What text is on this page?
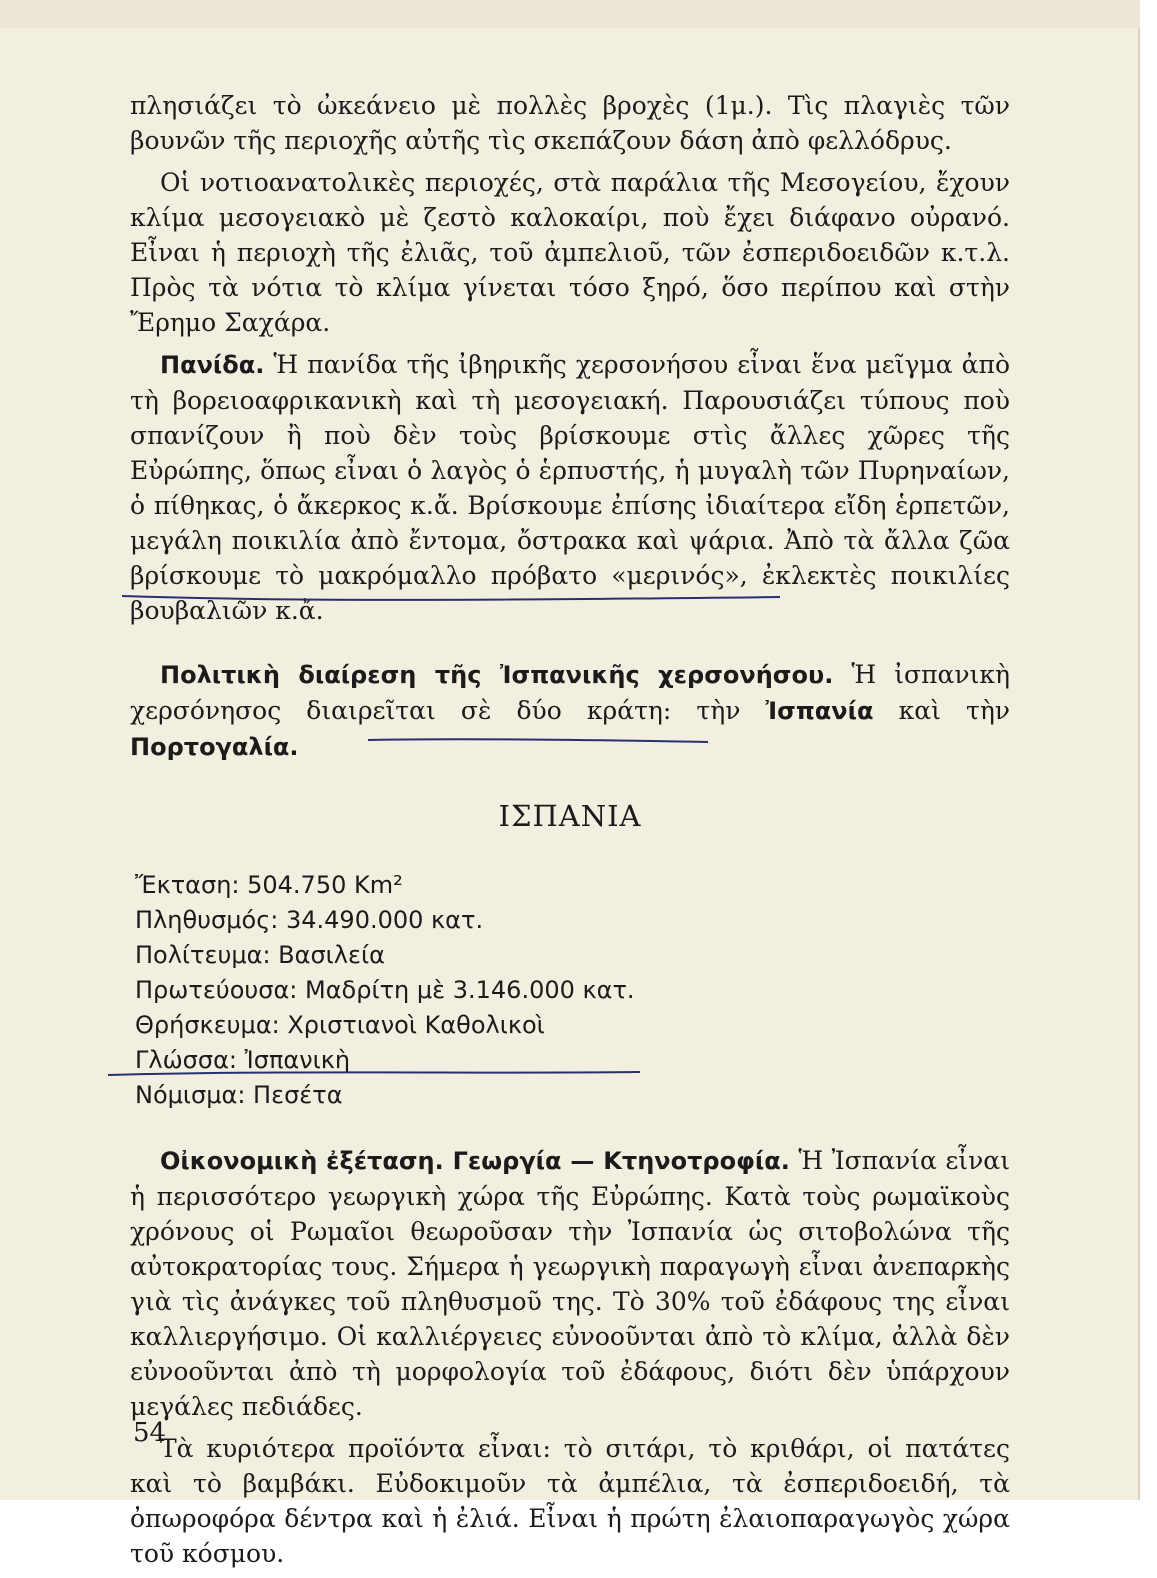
πλησιάζει τὸ ὠκεάνειο μὲ πολλὲς βροχὲς (1μ.). Τὶς πλαγιὲς τῶν βουνῶν τῆς περιοχῆς αὐτῆς τὶς σκεπάζουν δάση ἀπὸ φελλόδρυς.

Οἱ νοτιοανατολικὲς περιοχές, στὰ παράλια τῆς Μεσογείου, ἔχουν κλίμα μεσογειακὸ μὲ ζεστὸ καλοκαίρι, ποὺ ἔχει διάφανο οὐρανό. Εἶναι ἡ περιοχὴ τῆς ἐλιᾶς, τοῦ ἀμπελιοῦ, τῶν ἐσπεριδοειδῶν κ.τ.λ. Πρὸς τὰ νότια τὸ κλίμα γίνεται τόσο ξηρό, ὅσο περίπου καὶ στὴν Ἔρημο Σαχάρα.

Πανίδα. Ἡ πανίδα τῆς ἰβηρικῆς χερσονήσου εἶναι ἕνα μεῖγμα ἀπὸ τὴ βορειοαφρικανικὴ καὶ τὴ μεσογειακή. Παρουσιάζει τύπους ποὺ σπανίζουν ἢ ποὺ δὲν τοὺς βρίσκουμε στὶς ἄλλες χῶρες τῆς Εὐρώπης, ὅπως εἶναι ὁ λαγὸς ὁ ἑρπυστής, ἡ μυγαλὴ τῶν Πυρηναίων, ὁ πίθηκας, ὁ ἄκερκος κ.ἄ. Βρίσκουμε ἐπίσης ἰδιαίτερα εἴδη ἑρπετῶν, μεγάλη ποικιλία ἀπὸ ἔντομα, ὄστρακα καὶ ψάρια. Ἀπὸ τὰ ἄλλα ζῶα βρίσκουμε τὸ μακρόμαλλο πρόβατο «μερινός», ἐκλεκτὲς ποικιλίες βουβαλιῶν κ.ἄ.

Πολιτικὴ διαίρεση τῆς Ἰσπανικῆς χερσονήσου. Ἡ ἰσπανικὴ χερσόνησος διαιρεῖται σὲ δύο κράτη: τὴν Ἰσπανία καὶ τὴν Πορτογαλία.

ΙΣΠΑΝΙΑ
Ἔκταση: 504.750 Km²
Πληθυσμός: 34.490.000 κατ.
Πολίτευμα: Βασιλεία
Πρωτεύουσα: Μαδρίτη μὲ 3.146.000 κατ.
Θρήσκευμα: Χριστιανοὶ Καθολικοὶ
Γλώσσα: Ἰσπανικὴ
Νόμισμα: Πεσέτα

Οἰκονομικὴ ἐξέταση. Γεωργία — Κτηνοτροφία. Ἡ Ἰσπανία εἶναι ἡ περισσότερο γεωργικὴ χώρα τῆς Εὐρώπης. Κατὰ τοὺς ρωμαϊκοὺς χρόνους οἱ Ρωμαῖοι θεωροῦσαν τὴν Ἰσπανία ὡς σιτοβολώνα τῆς αὐτοκρατορίας τους. Σήμερα ἡ γεωργικὴ παραγωγὴ εἶναι ἀνεπαρκὴς γιὰ τὶς ἀνάγκες τοῦ πληθυσμοῦ της. Τὸ 30% τοῦ ἐδάφους της εἶναι καλλιεργήσιμο. Οἱ καλλιέργειες εὐνοοῦνται ἀπὸ τὸ κλίμα, ἀλλὰ δὲν εὐνοοῦνται ἀπὸ τὴ μορφολογία τοῦ ἐδάφους, διότι δὲν ὑπάρχουν μεγάλες πεδιάδες.

Τὰ κυριότερα προϊόντα εἶναι: τὸ σιτάρι, τὸ κριθάρι, οἱ πατάτες καὶ τὸ βαμβάκι. Εὐδοκιμοῦν τὰ ἀμπέλια, τὰ ἐσπεριδοειδή, τὰ ὀπωροφόρα δέντρα καὶ ἡ ἐλιά. Εἶναι ἡ πρώτη ἐλαιοπαραγωγὸς χώρα τοῦ κόσμου.

54
